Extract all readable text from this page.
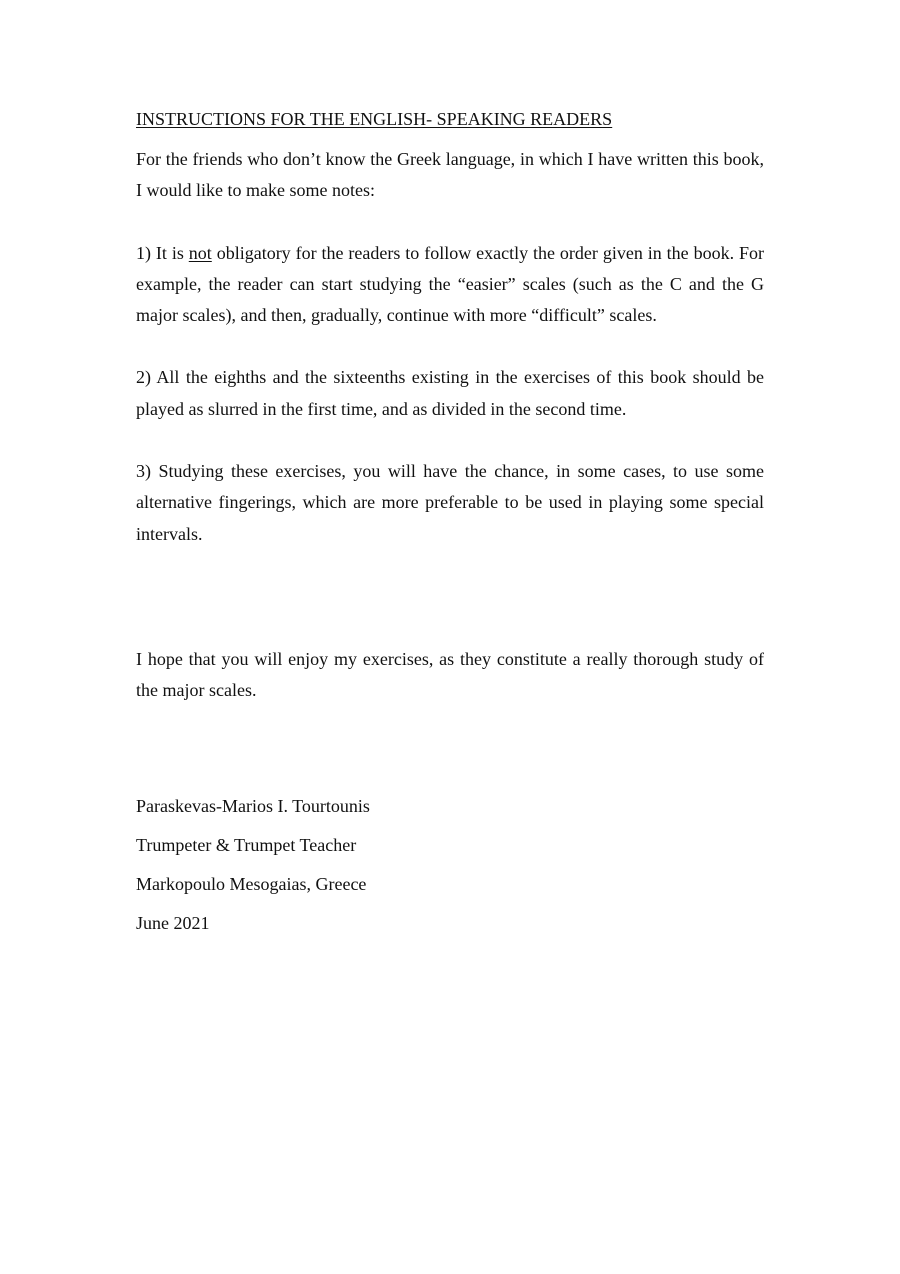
INSTRUCTIONS FOR THE ENGLISH- SPEAKING READERS

For the friends who don’t know the Greek language, in which I have written this book, I would like to make some notes:

1) It is not obligatory for the readers to follow exactly the order given in the book. For example, the reader can start studying the “easier” scales (such as the C and the G major scales), and then, gradually, continue with more “difficult” scales.

2) All the eighths and the sixteenths existing in the exercises of this book should be played as slurred in the first time, and as divided in the second time.

3) Studying these exercises, you will have the chance, in some cases, to use some alternative fingerings, which are more preferable to be used in playing some special intervals.

I hope that you will enjoy my exercises, as they constitute a really thorough study of the major scales.

Paraskevas-Marios I. Tourtounis

Trumpeter & Trumpet Teacher

Markopoulo Mesogaias, Greece

June 2021
